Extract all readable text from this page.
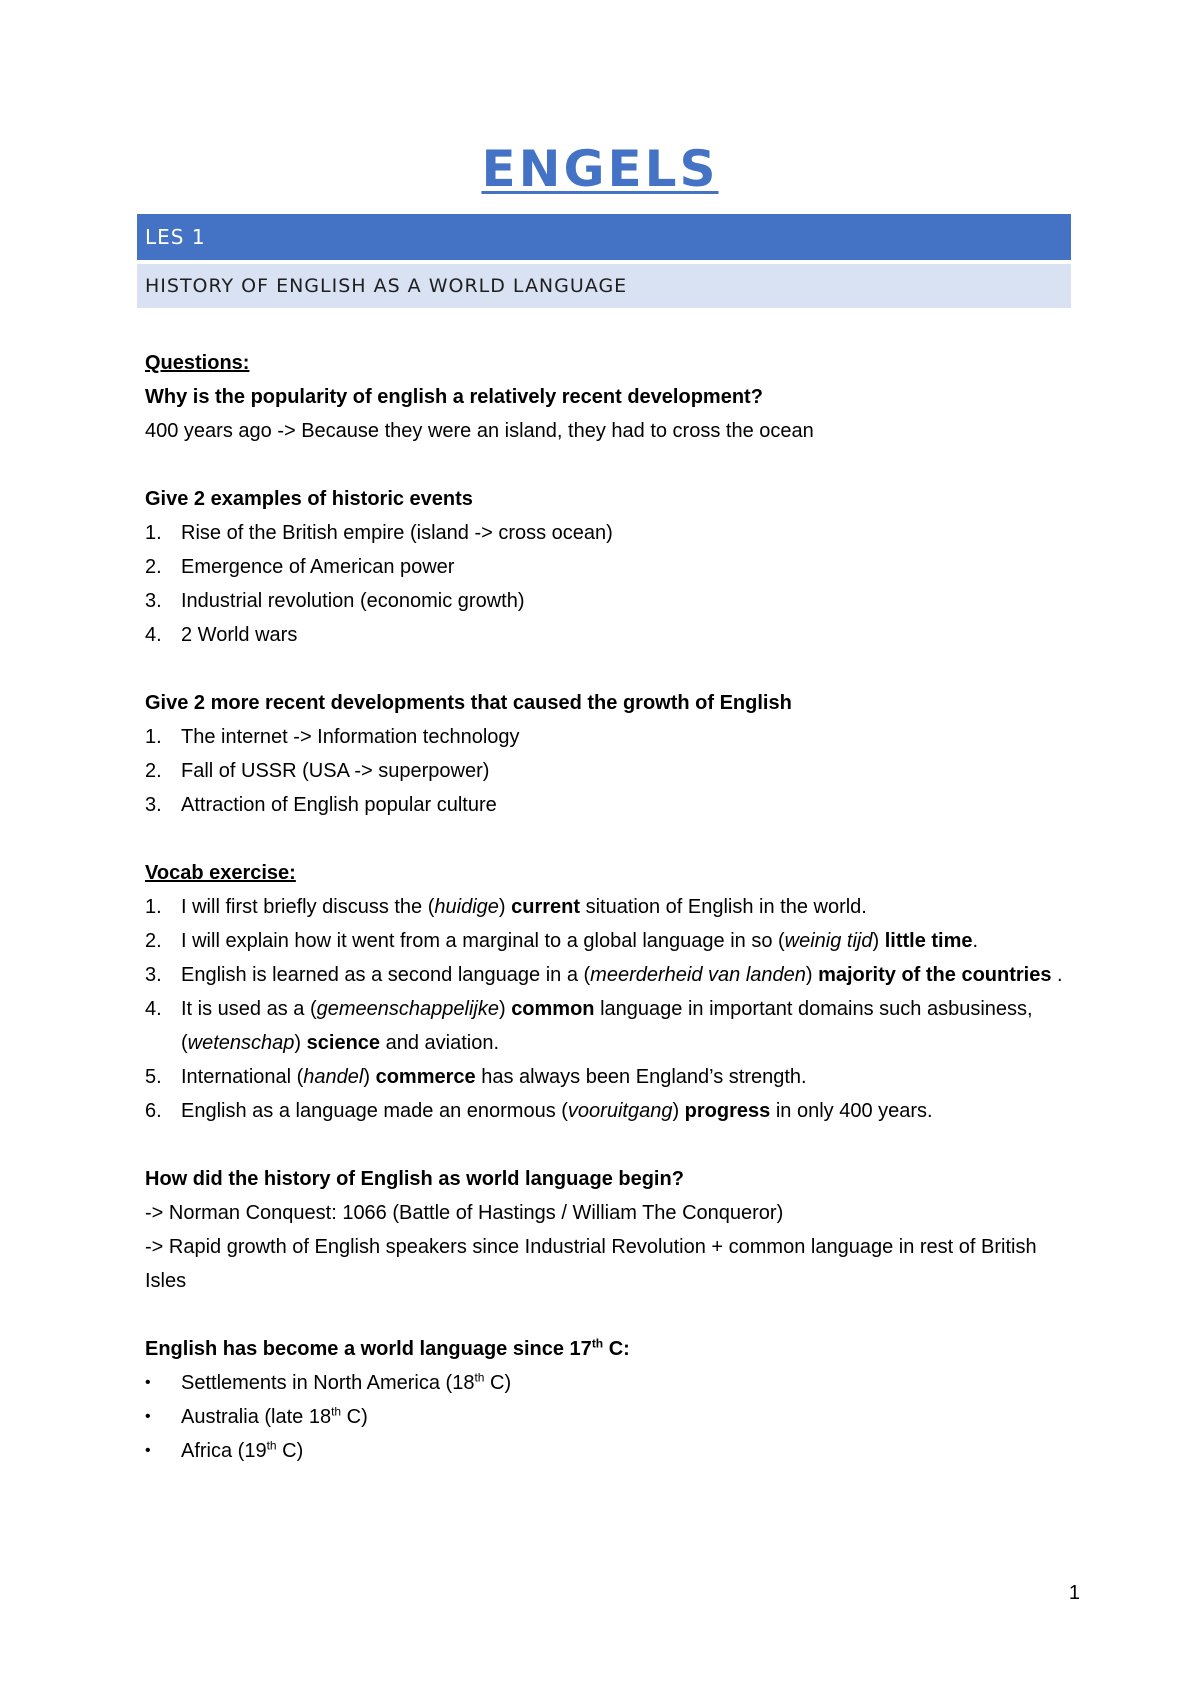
ENGELS
LES 1
HISTORY OF ENGLISH AS A WORLD LANGUAGE

Questions:

Why is the popularity of english a relatively recent development?

400 years ago -> Because they were an island, they had to cross the ocean

Give 2 examples of historic events

1. Rise of the British empire (island -> cross ocean)
2. Emergence of American power
3. Industrial revolution (economic growth)
4. 2 World wars

Give 2 more recent developments that caused the growth of English

1. The internet -> Information technology
2. Fall of USSR (USA -> superpower)
3. Attraction of English popular culture

Vocab exercise:

1. I will first briefly discuss the (huidige) current situation of English in the world.
2. I will explain how it went from a marginal to a global language in so (weinig tijd) little time.
3. English is learned as a second language in a (meerderheid van landen) majority of the countries .
4. It is used as a (gemeenschappelijke) common language in important domains such asbusiness, (wetenschap) science and aviation.
5. International (handel) commerce has always been England’s strength.
6. English as a language made an enormous (vooruitgang) progress in only 400 years.

How did the history of English as world language begin?

-> Norman Conquest: 1066 (Battle of Hastings / William The Conqueror)

-> Rapid growth of English speakers since Industrial Revolution + common language in rest of British Isles

English has become a world language since 17th C:

•	Settlements in North America (18th C)
•	Australia (late 18th C)
•	Africa (19th C)
1
